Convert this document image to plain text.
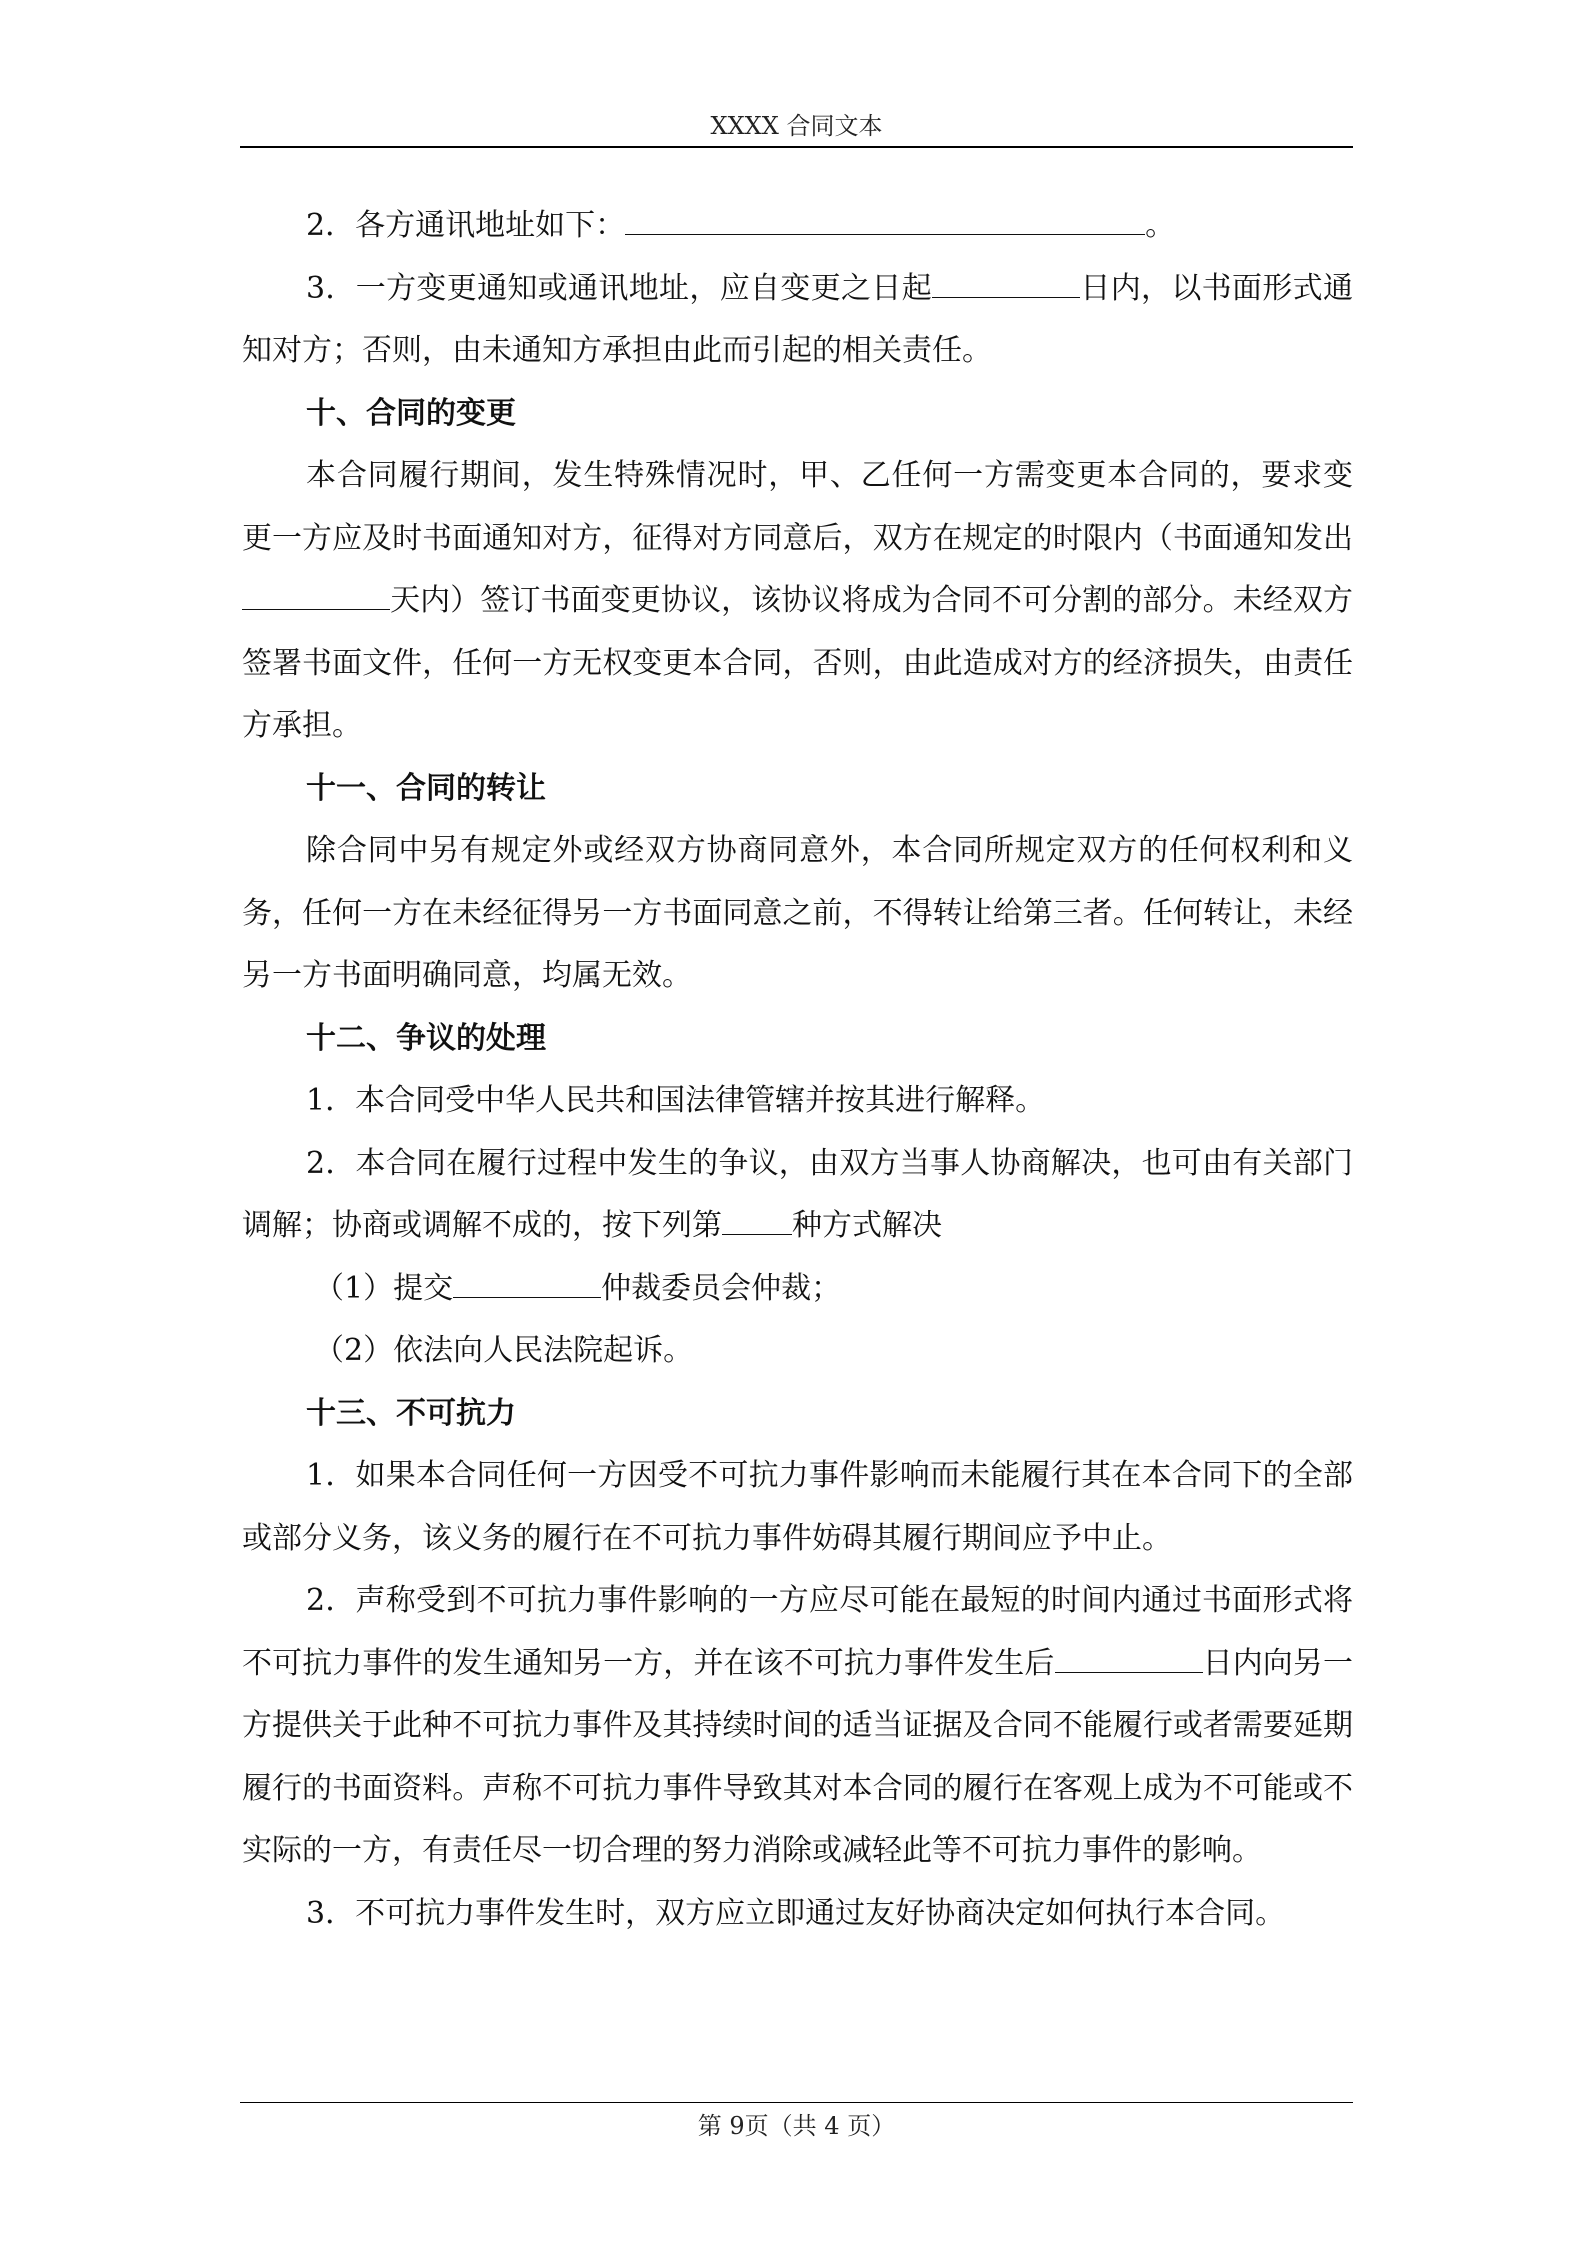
XXXX 合同文本

2．各方通讯地址如下：	。

3．一方变更通知或通讯地址，应自变更之日起	日内，以书面形式通知对方；否则，由未通知方承担由此而引起的相关责任。

十、合同的变更

本合同履行期间，发生特殊情况时，甲、乙任何一方需变更本合同的，要求变更一方应及时书面通知对方，征得对方同意后，双方在规定的时限内（书面通知发出天内）签订书面变更协议，该协议将成为合同不可分割的部分。未经双方签署书面文件，任何一方无权变更本合同，否则，由此造成对方的经济损失，由责任方承担。

十一、合同的转让

除合同中另有规定外或经双方协商同意外，本合同所规定双方的任何权利和义务，任何一方在未经征得另一方书面同意之前，不得转让给第三者。任何转让，未经另一方书面明确同意，均属无效。

十二、争议的处理

1．本合同受中华人民共和国法律管辖并按其进行解释。

2．本合同在履行过程中发生的争议，由双方当事人协商解决，也可由有关部门调解；协商或调解不成的，按下列第 种方式解决

（1）提交	仲裁委员会仲裁；

（2）依法向人民法院起诉。

十三、不可抗力

1．如果本合同任何一方因受不可抗力事件影响而未能履行其在本合同下的全部或部分义务，该义务的履行在不可抗力事件妨碍其履行期间应予中止。

2．声称受到不可抗力事件影响的一方应尽可能在最短的时间内通过书面形式将不可抗力事件的发生通知另一方，并在该不可抗力事件发生后	日内向另一方提供关于此种不可抗力事件及其持续时间的适当证据及合同不能履行或者需要延期履行的书面资料。声称不可抗力事件导致其对本合同的履行在客观上成为不可能或不实际的一方，有责任尽一切合理的努力消除或减轻此等不可抗力事件的影响。

3．不可抗力事件发生时，双方应立即通过友好协商决定如何执行本合同。

第 9页（共 4 页）
